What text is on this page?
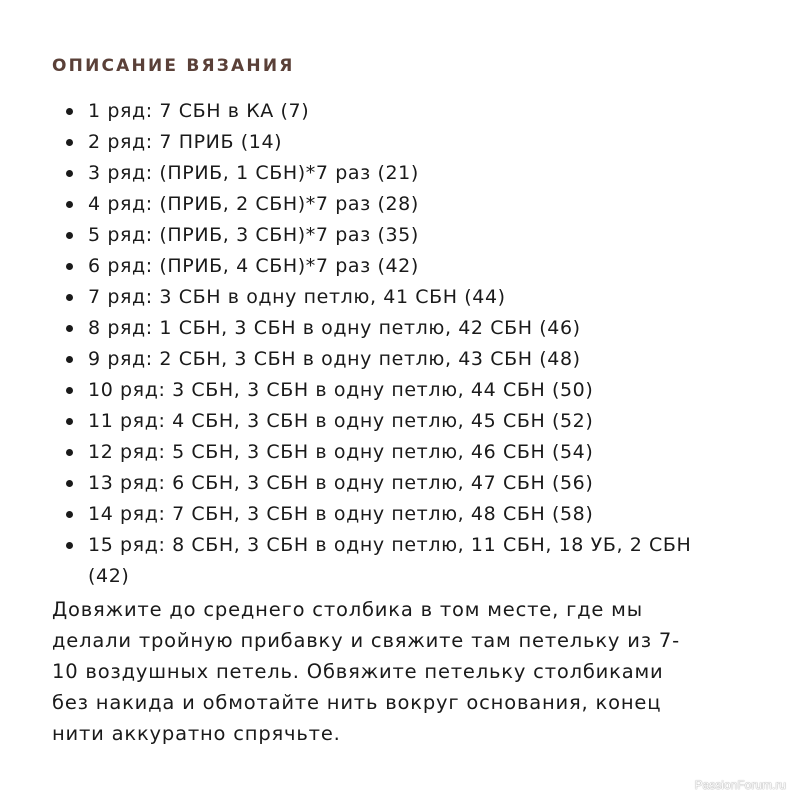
ОПИСАНИЕ ВЯЗАНИЯ
1 ряд: 7 СБН в КА (7)
2 ряд: 7 ПРИБ (14)
3 ряд: (ПРИБ, 1 СБН)*7 раз (21)
4 ряд: (ПРИБ, 2 СБН)*7 раз (28)
5 ряд: (ПРИБ, 3 СБН)*7 раз (35)
6 ряд: (ПРИБ, 4 СБН)*7 раз (42)
7 ряд: 3 СБН в одну петлю, 41 СБН (44)
8 ряд: 1 СБН, 3 СБН в одну петлю, 42 СБН (46)
9 ряд: 2 СБН, 3 СБН в одну петлю, 43 СБН (48)
10 ряд: 3 СБН, 3 СБН в одну петлю, 44 СБН (50)
11 ряд: 4 СБН, 3 СБН в одну петлю, 45 СБН (52)
12 ряд: 5 СБН, 3 СБН в одну петлю, 46 СБН (54)
13 ряд: 6 СБН, 3 СБН в одну петлю, 47 СБН (56)
14 ряд: 7 СБН, 3 СБН в одну петлю, 48 СБН (58)
15 ряд: 8 СБН, 3 СБН в одну петлю, 11 СБН, 18 УБ, 2 СБН
(42)
Довяжите до среднего столбика в том месте, где мы
делали тройную прибавку и свяжите там петельку из 7-
10 воздушных петель. Обвяжите петельку столбиками
без накида и обмотайте нить вокруг основания, конец
нити аккуратно спрячьте.
PassionForum.ru
